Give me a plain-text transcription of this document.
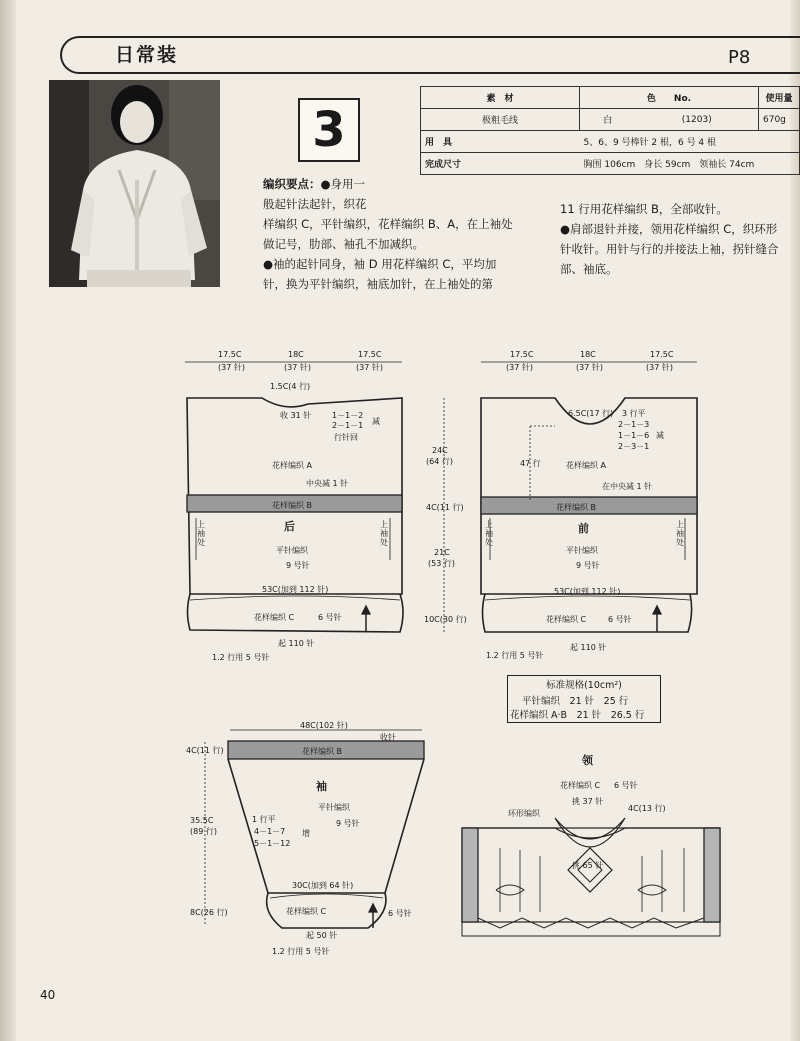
日常装	P8
3
素　材	色　　No.		使用量
极粗毛线	白	(1203)	670g
用　具	5、6、9 号棒针 2 根，6 号 4 根		
完成尺寸	胸围 106cm　身长 59cm　领袖长 74cm		
编织要点：●身用一
般起针法起针，织花
样编织 C，平针编织，花样编织 B、A，在上袖处
做记号，肋部、袖孔不加减织。
●袖的起针同身，袖 D 用花样编织 C，平均加
针，换为平针编织，袖底加针，在上袖处的第
11 行用花样编织 B，全部收针。
●肩部退针并接，领用花样编织 C，织环形
针收针。用针与行的并接法上袖，拐针缝合
部、袖底。
17.5C
(37 针)
18C
(37 针)
17.5C
(37 针)
1.5C(4 行)
收 31 针	1－1－2
2－1－1
行针回
减
花样编织 A
中央减 1 针
花样编织 B
后
上袖处
上袖处
平针编织
9 号针
53C(加到 112 针)
花样编织 C	6 号针
起 110 针
1.2 行用 5 号针
24C
(64 行)
4C(11 行)
21C
(53 行)
10C(30 行)
17.5C
(37 针)
18C
(37 针)
17.5C
(37 针)
6.5C(17 行) 3 行平
2－1－3
1－1－6
2－3－1
减
47 行	花样编织 A
在中央减 1 针
花样编织 B
前
上袖处
上袖处
平针编织
9 号针
53C(加到 112 针)
花样编织 C	6 号针
起 110 针
1.2 行用 5 号针
标准规格(10cm²)
平针编织　 21 针　 25 行
花样编织 A·B　 21 针　 26.5 行
48C(102 针)
4C(11 行)	花样编织 B
收针
袖
平针编织
9 号针
1 行平
4－1－7
5－1－12
增
35.5C
(89 行)
30C(加到 64 针)
8C(26 行)	花样编织 C	6 号针
起 50 针
1.2 行用 5 号针
领
花样编织 C 6 号针
挑 37 针
环形编织
4C(13 行)
挑 65 针
40
